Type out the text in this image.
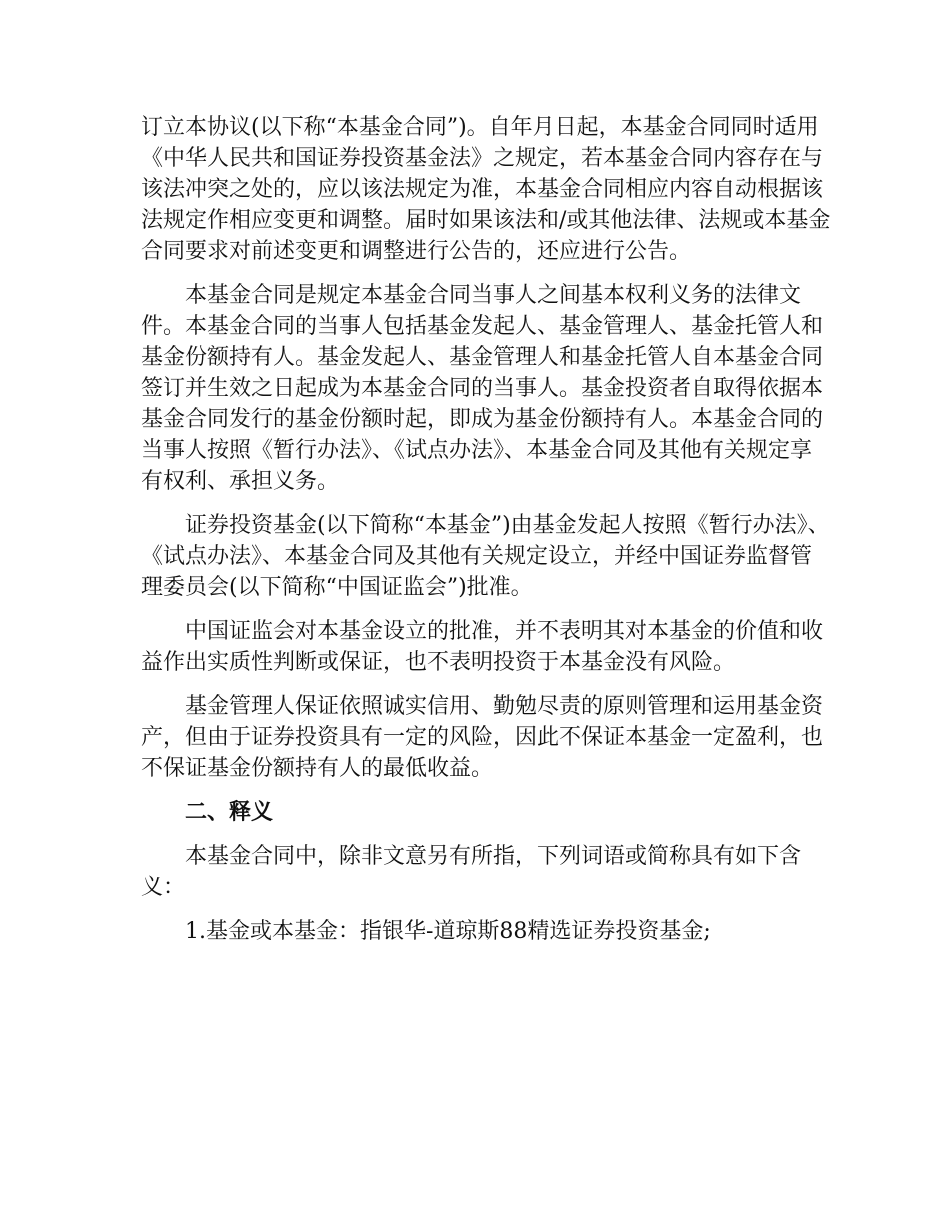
订立本协议(以下称“本基金合同”)。自年月日起，本基金合同同时适用《中华人民共和国证券投资基金法》之规定，若本基金合同内容存在与该法冲突之处的，应以该法规定为准，本基金合同相应内容自动根据该法规定作相应变更和调整。届时如果该法和/或其他法律、法规或本基金合同要求对前述变更和调整进行公告的，还应进行公告。

本基金合同是规定本基金合同当事人之间基本权利义务的法律文件。本基金合同的当事人包括基金发起人、基金管理人、基金托管人和基金份额持有人。基金发起人、基金管理人和基金托管人自本基金合同签订并生效之日起成为本基金合同的当事人。基金投资者自取得依据本基金合同发行的基金份额时起，即成为基金份额持有人。本基金合同的当事人按照《暂行办法》、《试点办法》、本基金合同及其他有关规定享有权利、承担义务。

证券投资基金(以下简称“本基金”)由基金发起人按照《暂行办法》、《试点办法》、本基金合同及其他有关规定设立，并经中国证券监督管理委员会(以下简称“中国证监会”)批准。

中国证监会对本基金设立的批准，并不表明其对本基金的价值和收益作出实质性判断或保证，也不表明投资于本基金没有风险。

基金管理人保证依照诚实信用、勤勉尽责的原则管理和运用基金资产，但由于证券投资具有一定的风险，因此不保证本基金一定盈利，也不保证基金份额持有人的最低收益。

二、释义

本基金合同中，除非文意另有所指，下列词语或简称具有如下含义：

1.基金或本基金：指银华-道琼斯88精选证券投资基金;
